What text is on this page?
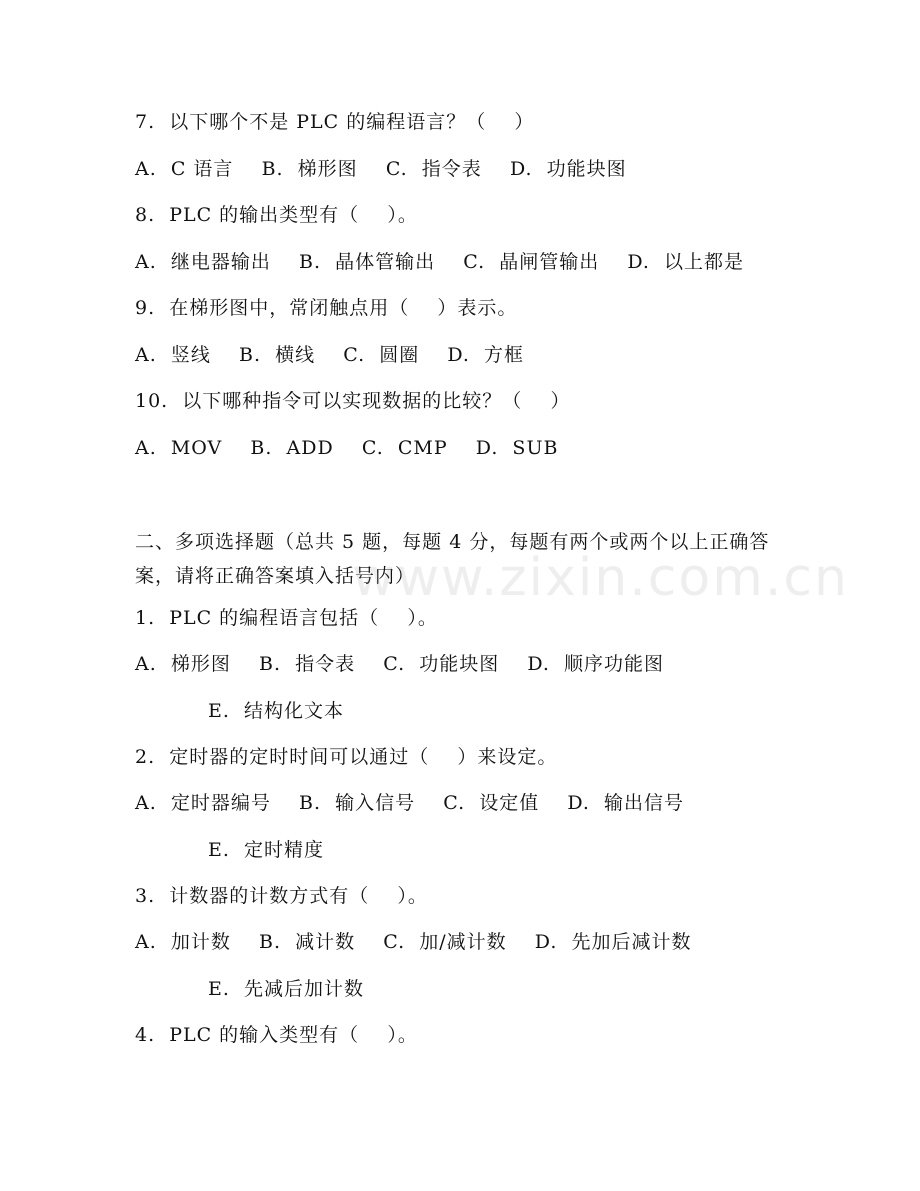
7.  以下哪个不是 PLC 的编程语言？（    ）
A.  C 语言    B.  梯形图    C.  指令表    D.  功能块图
8.  PLC 的输出类型有（    ）。
A.  继电器输出    B.  晶体管输出    C.  晶闸管输出    D.  以上都是
9.  在梯形图中，常闭触点用（    ）表示。
A.  竖线    B.  横线    C.  圆圈    D.  方框
10.  以下哪种指令可以实现数据的比较？（    ）
A.  MOV    B.  ADD    C.  CMP    D.  SUB
二、多项选择题（总共 5 题，每题 4 分，每题有两个或两个以上正确答案，请将正确答案填入括号内）
www.zixin.com.cn
1.  PLC 的编程语言包括（    ）。
A.  梯形图    B.  指令表    C.  功能块图    D.  顺序功能图
E.  结构化文本
2.  定时器的定时时间可以通过（    ）来设定。
A.  定时器编号    B.  输入信号    C.  设定值    D.  输出信号
E.  定时精度
3.  计数器的计数方式有（    ）。
A.  加计数    B.  减计数    C.  加/减计数    D.  先加后减计数
E.  先减后加计数
4.  PLC 的输入类型有（    ）。
